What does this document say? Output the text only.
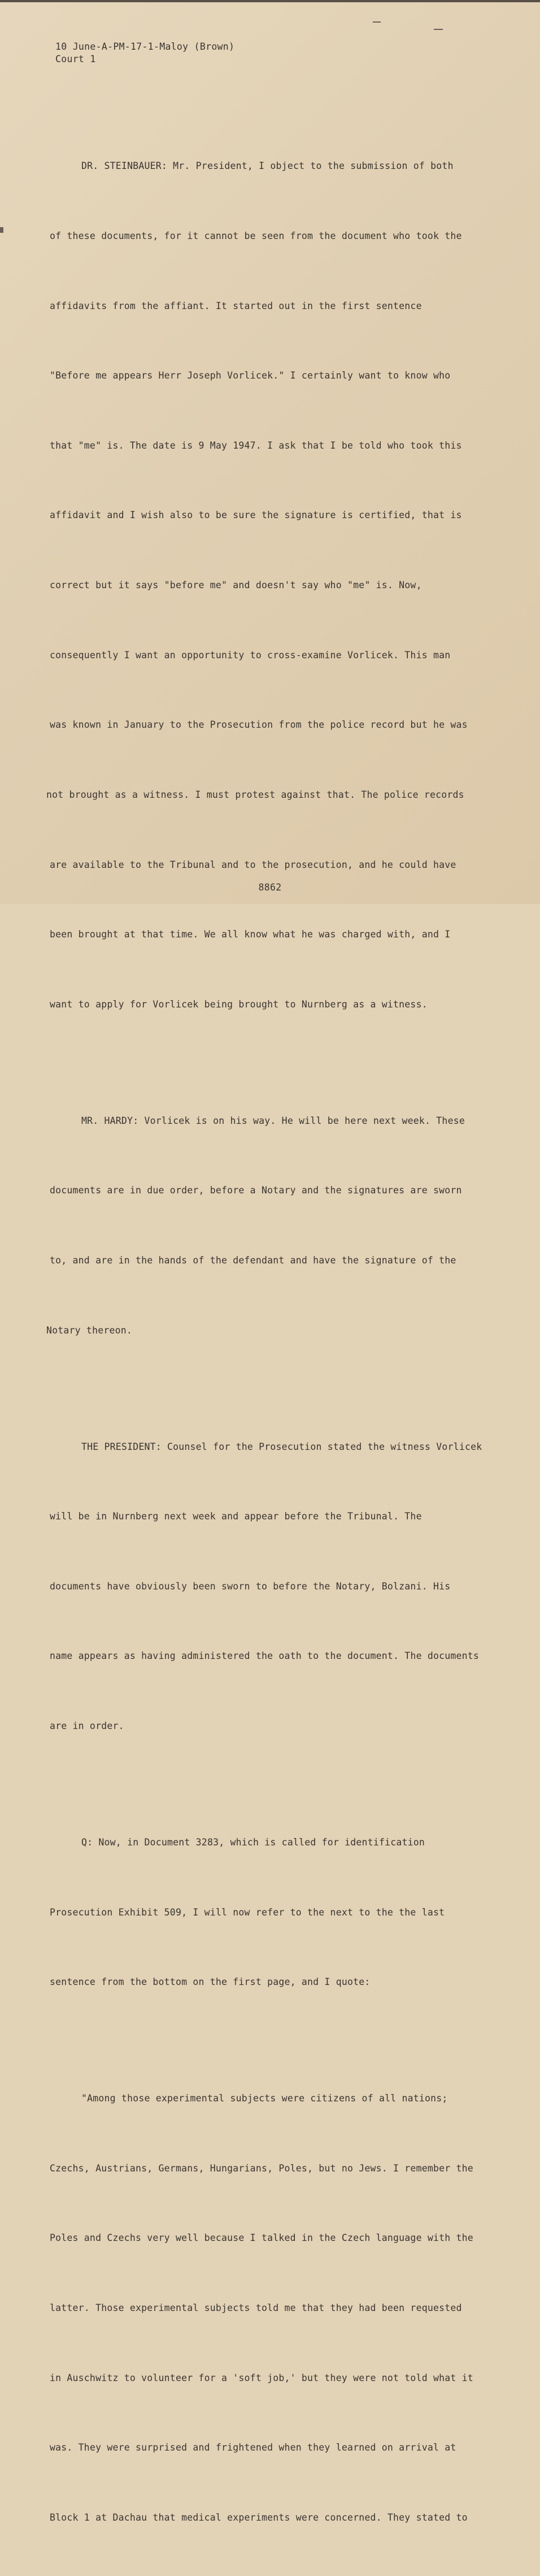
10 June-A-PM-17-1-Maloy (Brown)
Court 1

DR. STEINBAUER: Mr. President, I object to the submission of both

of these documents, for it cannot be seen from the document who took the

affidavits from the affiant. It started out in the first sentence

"Before me appears Herr Joseph Vorlicek." I certainly want to know who

that "me" is. The date is 9 May 1947. I ask that I be told who took this

affidavit and I wish also to be sure the signature is certified, that is

correct but it says "before me" and doesn't say who "me" is. Now,

consequently I want an opportunity to cross-examine Vorlicek. This man

was known in January to the Prosecution from the police record but he was

not brought as a witness. I must protest against that. The police records

are available to the Tribunal and to the prosecution, and he could have

been brought at that time. We all know what he was charged with, and I

want to apply for Vorlicek being brought to Nurnberg as a witness.

MR. HARDY: Vorlicek is on his way. He will be here next week. These

documents are in due order, before a Notary and the signatures are sworn

to, and are in the hands of the defendant and have the signature of the

Notary thereon.

THE PRESIDENT: Counsel for the Prosecution stated the witness Vorlicek

will be in Nurnberg next week and appear before the Tribunal. The

documents have obviously been sworn to before the Notary, Bolzani. His

name appears as having administered the oath to the document. The documents

are in order.

Q: Now, in Document 3283, which is called for identification

Prosecution Exhibit 509, I will now refer to the next to the the last

sentence from the bottom on the first page, and I quote:

"Among those experimental subjects were citizens of all nations;

Czechs, Austrians, Germans, Hungarians, Poles, but no Jews. I remember the

Poles and Czechs very well because I talked in the Czech language with the

latter. Those experimental subjects told me that they had been requested

in Auschwitz to volunteer for a 'soft job,' but they were not told what it

was. They were surprised and frightened when they learned on arrival at

Block 1 at Dachau that medical experiments were concerned. They stated to

8862
